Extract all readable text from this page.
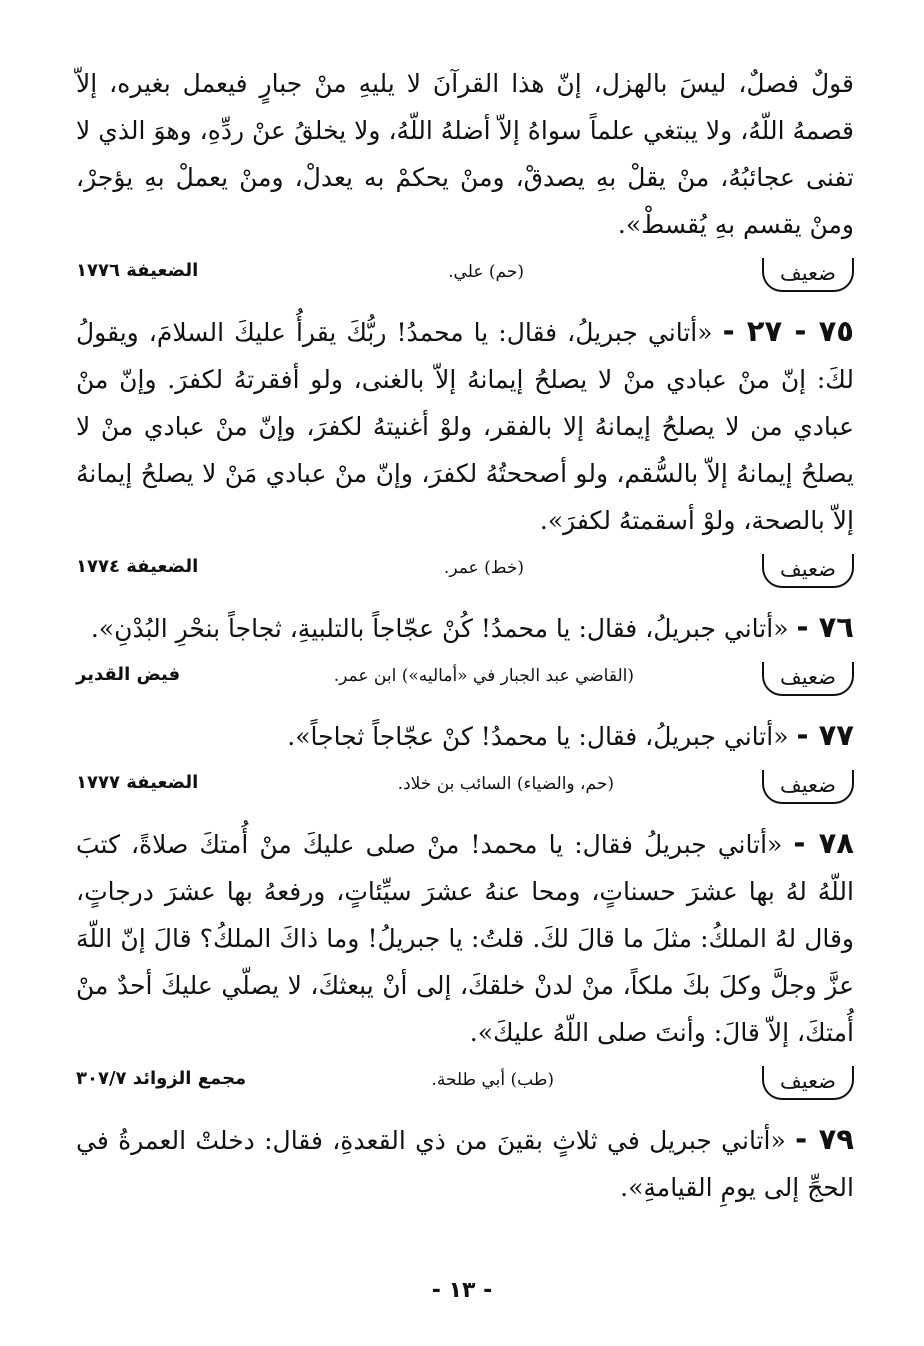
قولٌ فصلٌ، ليسَ بالهزل، إنّ هذا القرآنَ لا يليهِ منْ جبارٍ فيعمل بغيره، إلاّ قصمهُ اللّهُ، ولا يبتغي علماً سواهُ إلاّ أضلهُ اللّهُ، ولا يخلقُ عنْ ردِّهِ، وهوَ الذي لا تفنى عجائبُهُ، منْ يقلْ بهِ يصدقْ، ومنْ يحكمْ به يعدلْ، ومنْ يعملْ بهِ يؤجرْ، ومنْ يقسم بهِ يُقسطْ».

ضعيف
(حم) علي.
الضعيفة ١٧٧٦

٧٥ - ٢٧ - «أتاني جبريلُ، فقال: يا محمدُ! ربُّكَ يقرأُ عليكَ السلامَ، ويقولُ لكَ: إنّ منْ عبادي منْ لا يصلحُ إيمانهُ إلاّ بالغنى، ولو أفقرتهُ لكفرَ. وإنّ منْ عبادي من لا يصلحُ إيمانهُ إلا بالفقر، ولوْ أغنيتهُ لكفرَ، وإنّ منْ عبادي منْ لا يصلحُ إيمانهُ إلاّ بالسُّقم، ولو أصححتُهُ لكفرَ، وإنّ منْ عبادي مَنْ لا يصلحُ إيمانهُ إلاّ بالصحة، ولوْ أسقمتهُ لكفرَ».

ضعيف
(خط) عمر.
الضعيفة ١٧٧٤

٧٦ - «أتاني جبريلُ، فقال: يا محمدُ! كُنْ عجّاجاً بالتلبيةِ، ثجاجاً بنحْرِ البُدْنِ».

ضعيف
(القاضي عبد الجبار في «أماليه») ابن عمر.
فيض القدير

٧٧ - «أتاني جبريلُ، فقال: يا محمدُ! كنْ عجّاجاً ثجاجاً».

ضعيف
(حم، والضياء) السائب بن خلاد.
الضعيفة ١٧٧٧

٧٨ - «أتاني جبريلُ فقال: يا محمد! منْ صلى عليكَ منْ أُمتكَ صلاةً، كتبَ اللّهُ لهُ بها عشرَ حسناتٍ، ومحا عنهُ عشرَ سيِّئاتٍ، ورفعهُ بها عشرَ درجاتٍ، وقال لهُ الملكُ: مثلَ ما قالَ لكَ. قلتُ: يا جبريلُ! وما ذاكَ الملكُ؟ قالَ إنّ اللّهَ عزَّ وجلَّ وكلَ بكَ ملكاً، منْ لدنْ خلقكَ، إلى أنْ يبعثكَ، لا يصلّي عليكَ أحدٌ منْ أُمتكَ، إلاّ قالَ: وأنتَ صلى اللّهُ عليكَ».

ضعيف
(طب) أبي طلحة.
مجمع الزوائد ٣٠٧/٧

٧٩ - «أتاني جبريل في ثلاثٍ بقينَ من ذي القعدةِ، فقال: دخلتْ العمرةُ في الحجِّ إلى يومِ القيامةِ».

- ١٣ -
